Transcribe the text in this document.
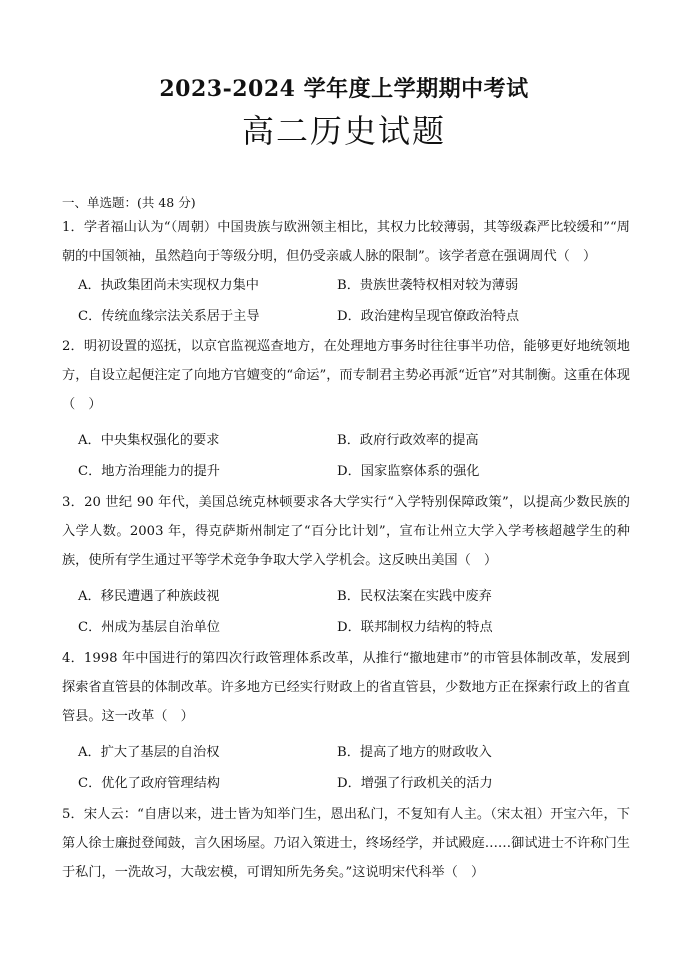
2023-2024 学年度上学期期中考试
高二历史试题
一、单选题：(共 48 分)
1．学者福山认为“（周朝）中国贵族与欧洲领主相比，其权力比较薄弱，其等级森严比较缓和”“周朝的中国领袖，虽然趋向于等级分明，但仍受亲戚人脉的限制”。该学者意在强调周代（　）
A．执政集团尚未实现权力集中	B．贵族世袭特权相对较为薄弱
C．传统血缘宗法关系居于主导	D．政治建构呈现官僚政治特点
2．明初设置的巡抚，以京官监视巡查地方，在处理地方事务时往往事半功倍，能够更好地统领地方，自设立起便注定了向地方官嬗变的“命运”，而专制君主势必再派“近官”对其制衡。这重在体现（　）
A．中央集权强化的要求	B．政府行政效率的提高
C．地方治理能力的提升	D．国家监察体系的强化
3．20 世纪 90 年代，美国总统克林顿要求各大学实行“入学特别保障政策”，以提高少数民族的入学人数。2003 年，得克萨斯州制定了“百分比计划”，宣布让州立大学入学考核超越学生的种族，使所有学生通过平等学术竞争争取大学入学机会。这反映出美国（　）
A．移民遭遇了种族歧视	B．民权法案在实践中废弃
C．州成为基层自治单位	D．联邦制权力结构的特点
4．1998 年中国进行的第四次行政管理体系改革，从推行“撤地建市”的市管县体制改革，发展到探索省直管县的体制改革。许多地方已经实行财政上的省直管县，少数地方正在探索行政上的省直管县。这一改革（　）
A．扩大了基层的自治权	B．提高了地方的财政收入
C．优化了政府管理结构	D．增强了行政机关的活力
5．宋人云：“自唐以来，进士皆为知举门生，恩出私门，不复知有人主。（宋太祖）开宝六年，下第人徐士廉挝登闻鼓，言久困场屋。乃诏入策进士，终场经学，并试殿庭……御试进士不许称门生于私门，一洗故习，大哉宏模，可谓知所先务矣。”这说明宋代科举（　）
